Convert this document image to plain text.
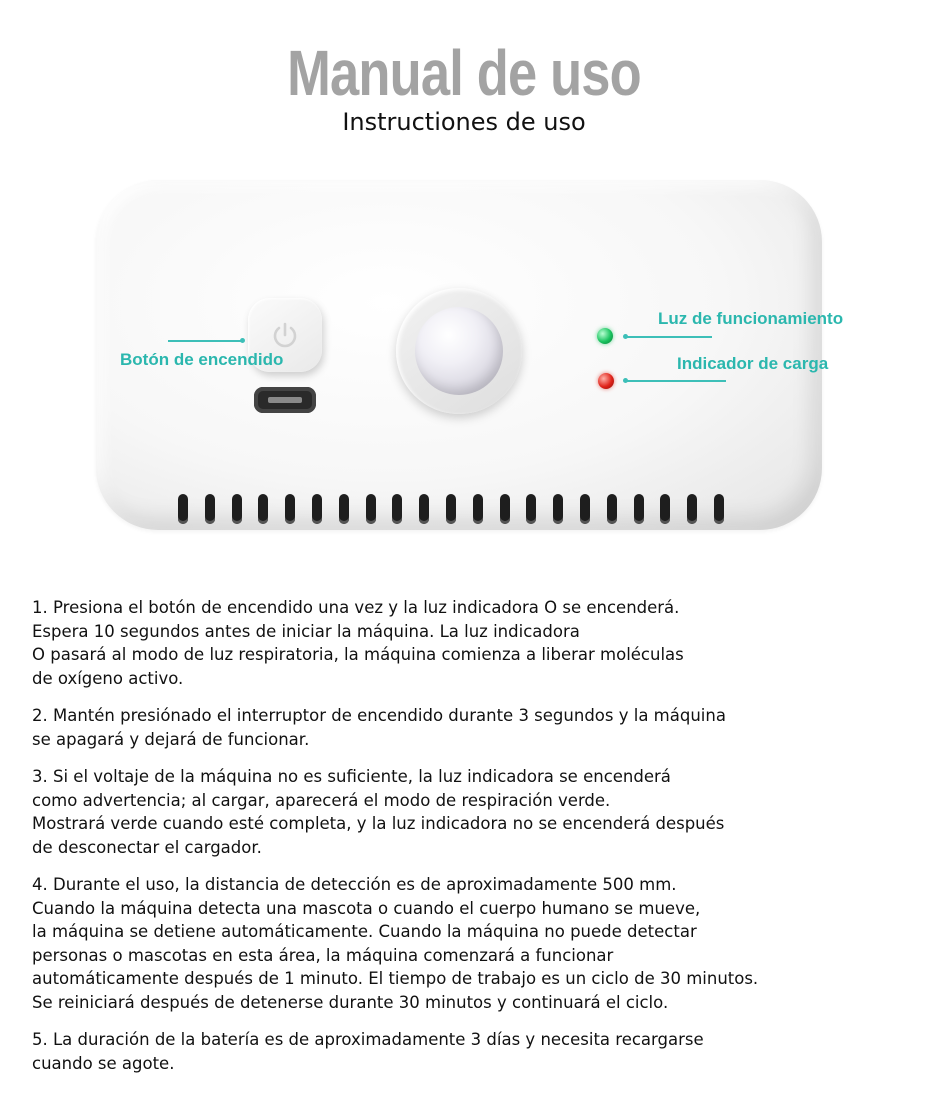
Manual de uso
Instructiones de uso
Botón de encendido
Luz de funcionamiento
Indicador de carga

1. Presiona el botón de encendido una vez y la luz indicadora O se encenderá.

Espera 10 segundos antes de iniciar la máquina. La luz indicadora

O pasará al modo de luz respiratoria, la máquina comienza a liberar moléculas

de oxígeno activo.

2. Mantén presiónado el interruptor de encendido durante 3 segundos y la máquina

se apagará y dejará de funcionar.

3. Si el voltaje de la máquina no es suficiente, la luz indicadora se encenderá

como advertencia; al cargar, aparecerá el modo de respiración verde.

Mostrará verde cuando esté completa, y la luz indicadora no se encenderá después

de desconectar el cargador.

4. Durante el uso, la distancia de detección es de aproximadamente 500 mm.

Cuando la máquina detecta una mascota o cuando el cuerpo humano se mueve,

la máquina se detiene automáticamente. Cuando la máquina no puede detectar

personas o mascotas en esta área, la máquina comenzará a funcionar

automáticamente después de 1 minuto. El tiempo de trabajo es un ciclo de 30 minutos.

Se reiniciará después de detenerse durante 30 minutos y continuará el ciclo.

5. La duración de la batería es de aproximadamente 3 días y necesita recargarse

cuando se agote.
